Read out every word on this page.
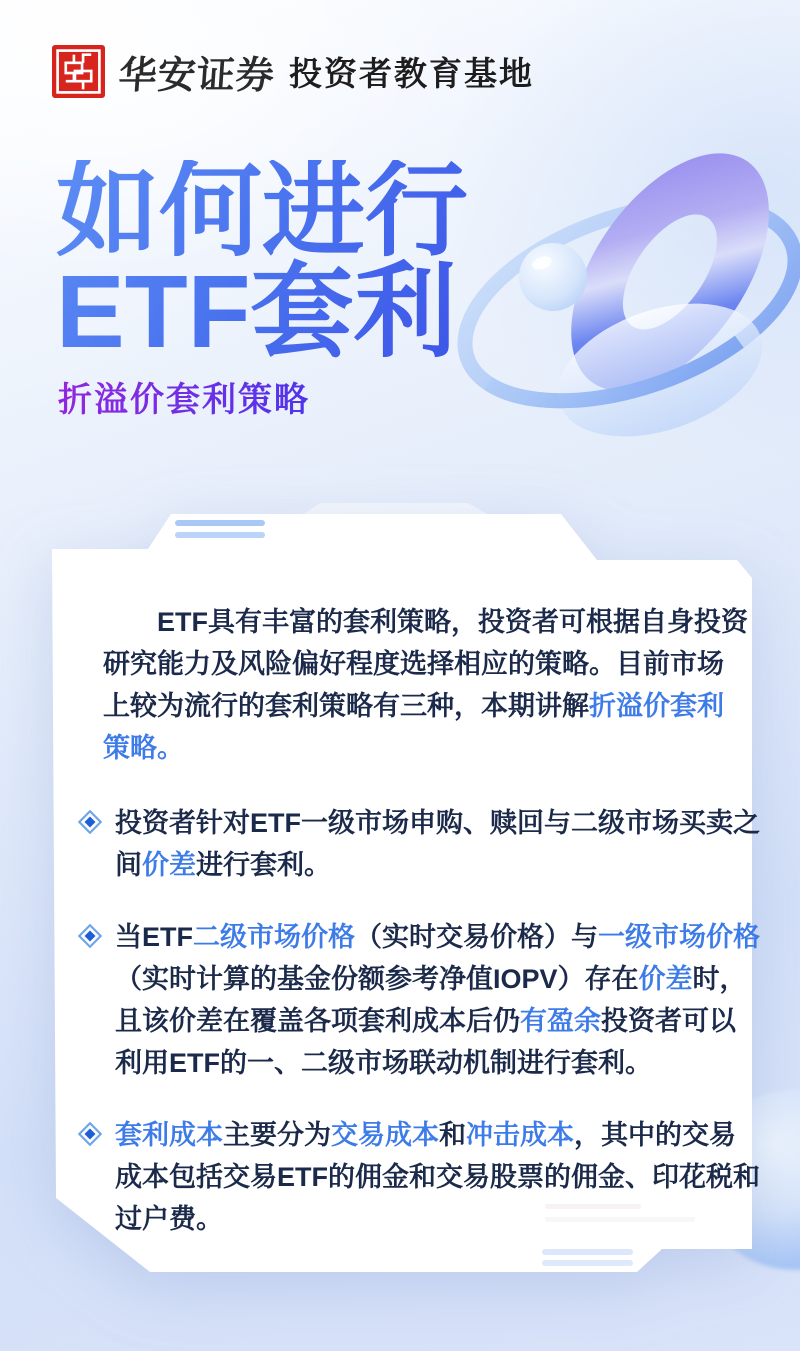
华安证券 投资者教育基地
如何进行
ETF套利
折溢价套利策略
ETF具有丰富的套利策略，投资者可根据自身投资
研究能力及风险偏好程度选择相应的策略。目前市场
上较为流行的套利策略有三种，本期讲解折溢价套利
策略。
投资者针对ETF一级市场申购、赎回与二级市场买卖之
间价差进行套利。
当ETF二级市场价格（实时交易价格）与一级市场价格
（实时计算的基金份额参考净值IOPV）存在价差时，
且该价差在覆盖各项套利成本后仍有盈余投资者可以
利用ETF的一、二级市场联动机制进行套利。
套利成本主要分为交易成本和冲击成本，其中的交易
成本包括交易ETF的佣金和交易股票的佣金、印花税和
过户费。
